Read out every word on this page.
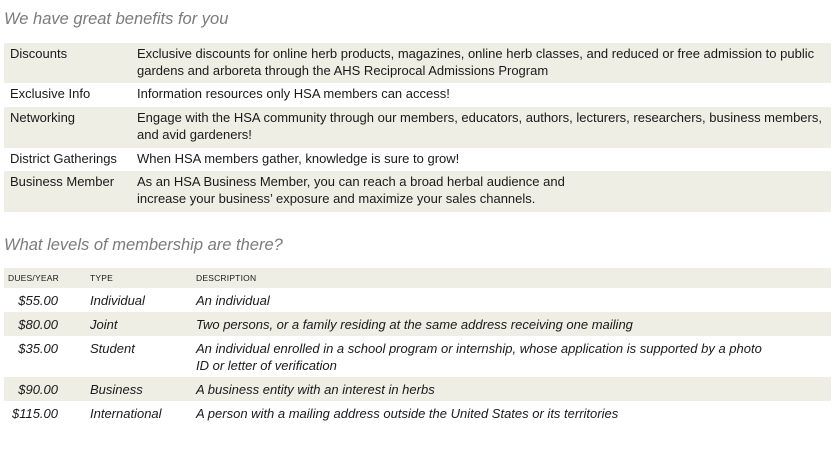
We have great benefits for you
Discounts	Exclusive discounts for online herb products, magazines, online herb classes, and reduced or free admission to public gardens and arboreta through the AHS Reciprocal Admissions Program
Exclusive Info	Information resources only HSA members can access!
Networking	Engage with the HSA community through our members, educators, authors, lecturers, researchers, business members, and avid gardeners!
District Gatherings	When HSA members gather, knowledge is sure to grow!
Business Member	As an HSA Business Member, you can reach a broad herbal audience and
increase your business’ exposure and maximize your sales channels.
What levels of membership are there?
DUES/YEAR	TYPE	DESCRIPTION
$55.00	Individual	An individual
$80.00	Joint	Two persons, or a family residing at the same address receiving one mailing
$35.00	Student	An individual enrolled in a school program or internship, whose application is supported by a photo ID or letter of verification
$90.00	Business	A business entity with an interest in herbs
$115.00	International	A person with a mailing address outside the United States or its territories
